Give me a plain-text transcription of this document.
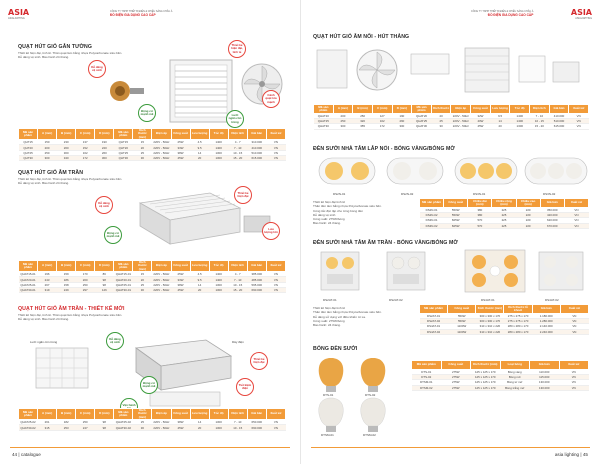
ASIA
ASIALIGHTING
CÔNG TY TNHH THIẾT BỊ ĐIỆN & CHIẾU SÁNG CHÂU Á
ĐỒ ĐIỆN GIA DỤNG CAO CẤP
QUẠT HÚT GIÓ GẮN TƯỜNG
Thiết kế hiện đại, tinh tế. Thân quạt làm bằng nhựa Polycarbonate siêu bền.
Dễ dàng vệ sinh. Bảo hành 24 tháng.
Dễ dàng vệ sinh
Thiết kế hiện đại, tinh tế
Động cơ mạnh mẽ
Cánh quạt tỏa mạnh
Lưới ngăn côn trùng
Mã sản phẩm	A (mm)	B (mm)	C (mm)	D (mm)	Mã sản phẩm	Kích thước (mm)	Điện áp	Công suất	Lưu lượng	Tốc độ	Diện tích	Giá bán	Xuất xứ
QHT15	150	230	137	190	QHT15	15	220V - 50Hz	25W	4.5	1400	4 - 7	310.000	VN
QHT20	200	260	152	220	QHT20	20	220V - 50Hz	33W	9.5	1400	7 - 10	410.000	VN
QHT25	250	300	162	260	QHT25	25	220V - 50Hz	38W	14	1300	10 - 15	510.000	VN
QHT30	300	340	172	300	QHT30	30	220V - 50Hz	45W	20	1300	15 - 20	615.000	VN
QUẠT HÚT GIÓ ÂM TRẦN
Thiết kế hiện đại, tinh tế. Thân quạt làm bằng nhựa Polycarbonate siêu bền.
Dễ dàng vệ sinh. Bảo hành 24 tháng.
Dễ dàng vệ sinh
Thiết kế hiện đại
Động cơ mạnh mẽ
Lưu lượng lớn
Mã sản phẩm	A (mm)	B (mm)	C (mm)	D (mm)	Mã sản phẩm	Kích thước (mm)	Điện áp	Công suất	Lưu lượng	Tốc độ	Diện tích	Giá bán	Xuất xứ
QHAT15-01	196	159	170	86	QHAT15-01	15	220V - 50Hz	25W	4.5	1400	4 - 7	385.000	VN
QHAT20-01	243	186	200	98	QHAT20-01	20	220V - 50Hz	33W	9.5	1400	7 - 10	485.000	VN
QHAT25-01	267	158	250	98	QHAT25-01	25	220V - 50Hz	38W	14	1300	10 - 15	595.000	VN
QHAT30-01	319	249	297	126	QHAT30-01	30	220V - 50Hz	45W	20	1300	15 - 20	690.000	VN
QUẠT HÚT GIÓ ÂM TRẦN - THIẾT KẾ MỚI
Thiết kế hiện đại, tinh tế. Thân quạt làm bằng nhựa Polycarbonate siêu bền.
Dễ dàng vệ sinh. Bảo hành 24 tháng.
Lưới ngăn côn trùng	Dây điện
Dễ dàng vệ sinh
Thiết kế hiện đại
Động cơ mạnh mẽ	Tiết kiệm điện
Vận hành
Mã sản phẩm	A (mm)	B (mm)	C (mm)	D (mm)	Mã sản phẩm	Kích thước (mm)	Điện áp	Công suất	Lưu lượng	Tốc độ	Diện tích	Giá bán	Xuất xứ
QHAT25-02	261	182	250	98	QHAT25-02	25	220V - 50Hz	38W	14	1300	7 - 10	650.000	VN
QHAT30-02	315	253	247	98	QHAT30-02	30	220V - 50Hz	45W	20	1300	10 - 15	690.000	VN
44 | catalogue
CÔNG TY TNHH THIẾT BỊ ĐIỆN & CHIẾU SÁNG CHÂU Á
ĐỒ ĐIỆN GIA DỤNG CAO CẤP	ASIA
ASIALIGHTING
QUẠT HÚT GIÓ ÂM NỐI - HÚT THẲNG
Mã sản phẩm	A (mm)	B (mm)	C (mm)	D (mm)	Mã sản phẩm	Kích thước	Điện áp	Công suất	Lưu lượng	Tốc độ	Diện tích	Giá bán	Xuất xứ
QHAT20	200	250	127	190	QHAT20	20	220V - 50Hz	32W	9.5	1400	7 - 10	410.000	VN
QHAT25	250	320	162	260	QHAT25	25	220V - 50Hz	40W	14	1400	10 - 15	510.000	VN
QHAT30	300	355	172	300	QHAT30	30	220V - 50Hz	45W	20	1300	15 - 20	615.000	VN
ĐÈN SƯỞI NHÀ TẮM LẮP NỔI - BÓNG VÀNG/BÓNG MỜ
DS2N-01	DS2N-02	DS3N-01	DS3N-02
Thiết kế hiện đại tinh tế
Thân đèn làm bằng nhựa Polycarbonate siêu bền.
Công tắc độc lập cho từng bóng đèn
Dễ dàng vệ sinh
Công suất: 275W/bóng
Bảo hành: 24 tháng.
Mã sản phẩm	Công suất	Chiều dài (mm)	Chiều rộng (mm)	Chiều cao (mm)	Giá bán	Xuất xứ
DS2N-01	550W	380	225	220	350.000	VN
DS2N-02	550W	380	225	220	420.000	VN
DS3N-01	825W	570	225	220	620.000	VN
DS3N-02	825W	570	225	220	670.000	VN
ĐÈN SƯỞI NHÀ TẮM ÂM TRẦN - BÓNG VÀNG/BÓNG MỜ
DS2AT-01	DS2AT-02	DS4AT-01	DS4AT-02
Thiết kế hiện đại tinh tế
Thân đèn làm bằng nhựa Polycarbonate siêu bền.
Dễ dàng sử dụng với điều khiển từ xa.
Công suất: 275W/bóng
Bảo hành: 24 tháng.
Mã sản phẩm	Công suất	Kích thước (mm)	Kích thước lỗ khoét	Giá bán	Xuất xứ
DS2AT-01	550W	300 x 300 x 170	275 x 275 x 170	1.180.000	VN
DS2AT-02	550W	300 x 300 x 170	275 x 275 x 170	1.280.000	VN
DS4AT-01	1100W	310 x 310 x 220	280 x 280 x 170	2.140.000	VN
DS4AT-02	1100W	310 x 310 x 220	280 x 280 x 170	2.240.000	VN
BÓNG ĐÈN SƯỞI
DTS-01	DTS-02
DTSM-01	DTSM-02
Mã sản phẩm	Công suất	Kích thước (mm)	Loại bóng	Giá bán	Xuất xứ
DTS-01	275W	125 x 125 x 170	Bóng vàng	110.000	VN
DTS-02	275W	125 x 125 x 170	Bóng mờ	115.000	VN
DTSM-01	275W	125 x 125 x 170	Bóng tơ mờ	130.000	VN
DTSM-02	275W	125 x 125 x 170	Bóng trắng mờ	130.000	VN
asia lighting | 45
